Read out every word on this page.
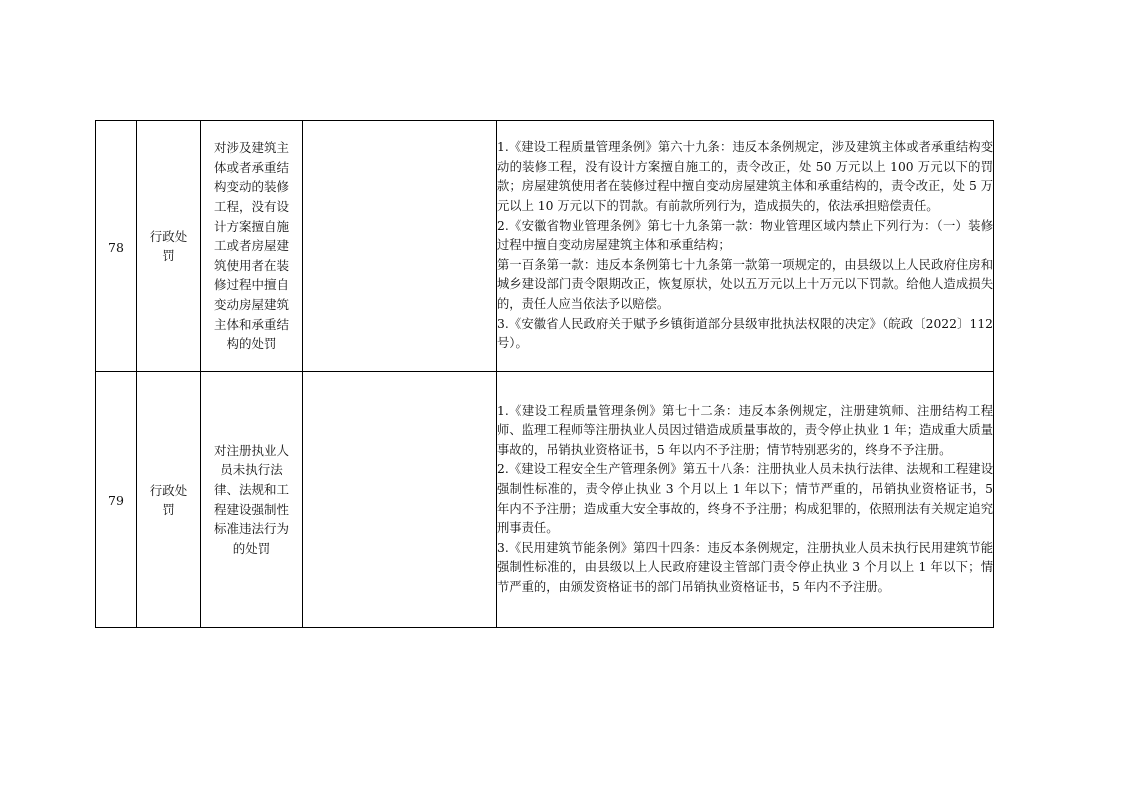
78	行政处罚	对涉及建筑主体或者承重结构变动的装修工程，没有设计方案擅自施工或者房屋建筑使用者在装修过程中擅自变动房屋建筑主体和承重结构的处罚		1.《建设工程质量管理条例》第六十九条：违反本条例规定，涉及建筑主体或者承重结构变动的装修工程，没有设计方案擅自施工的，责令改正，处 50 万元以上 100 万元以下的罚款；房屋建筑使用者在装修过程中擅自变动房屋建筑主体和承重结构的，责令改正，处 5 万元以上 10 万元以下的罚款。有前款所列行为，造成损失的，依法承担赔偿责任。

2.《安徽省物业管理条例》第七十九条第一款：物业管理区域内禁止下列行为：（一）装修过程中擅自变动房屋建筑主体和承重结构；

第一百条第一款：违反本条例第七十九条第一款第一项规定的，由县级以上人民政府住房和城乡建设部门责令限期改正，恢复原状，处以五万元以上十万元以下罚款。给他人造成损失的，责任人应当依法予以赔偿。

3.《安徽省人民政府关于赋予乡镇街道部分县级审批执法权限的决定》（皖政〔2022〕112 号）。

79	行政处罚	对注册执业人员未执行法律、法规和工程建设强制性标准违法行为的处罚		1.《建设工程质量管理条例》第七十二条：违反本条例规定，注册建筑师、注册结构工程师、监理工程师等注册执业人员因过错造成质量事故的，责令停止执业 1 年；造成重大质量事故的，吊销执业资格证书，5 年以内不予注册；情节特别恶劣的，终身不予注册。

2.《建设工程安全生产管理条例》第五十八条：注册执业人员未执行法律、法规和工程建设强制性标准的，责令停止执业 3 个月以上 1 年以下；情节严重的，吊销执业资格证书，5 年内不予注册；造成重大安全事故的，终身不予注册；构成犯罪的，依照刑法有关规定追究刑事责任。

3.《民用建筑节能条例》第四十四条：违反本条例规定，注册执业人员未执行民用建筑节能强制性标准的，由县级以上人民政府建设主管部门责令停止执业 3 个月以上 1 年以下；情节严重的，由颁发资格证书的部门吊销执业资格证书，5 年内不予注册。
